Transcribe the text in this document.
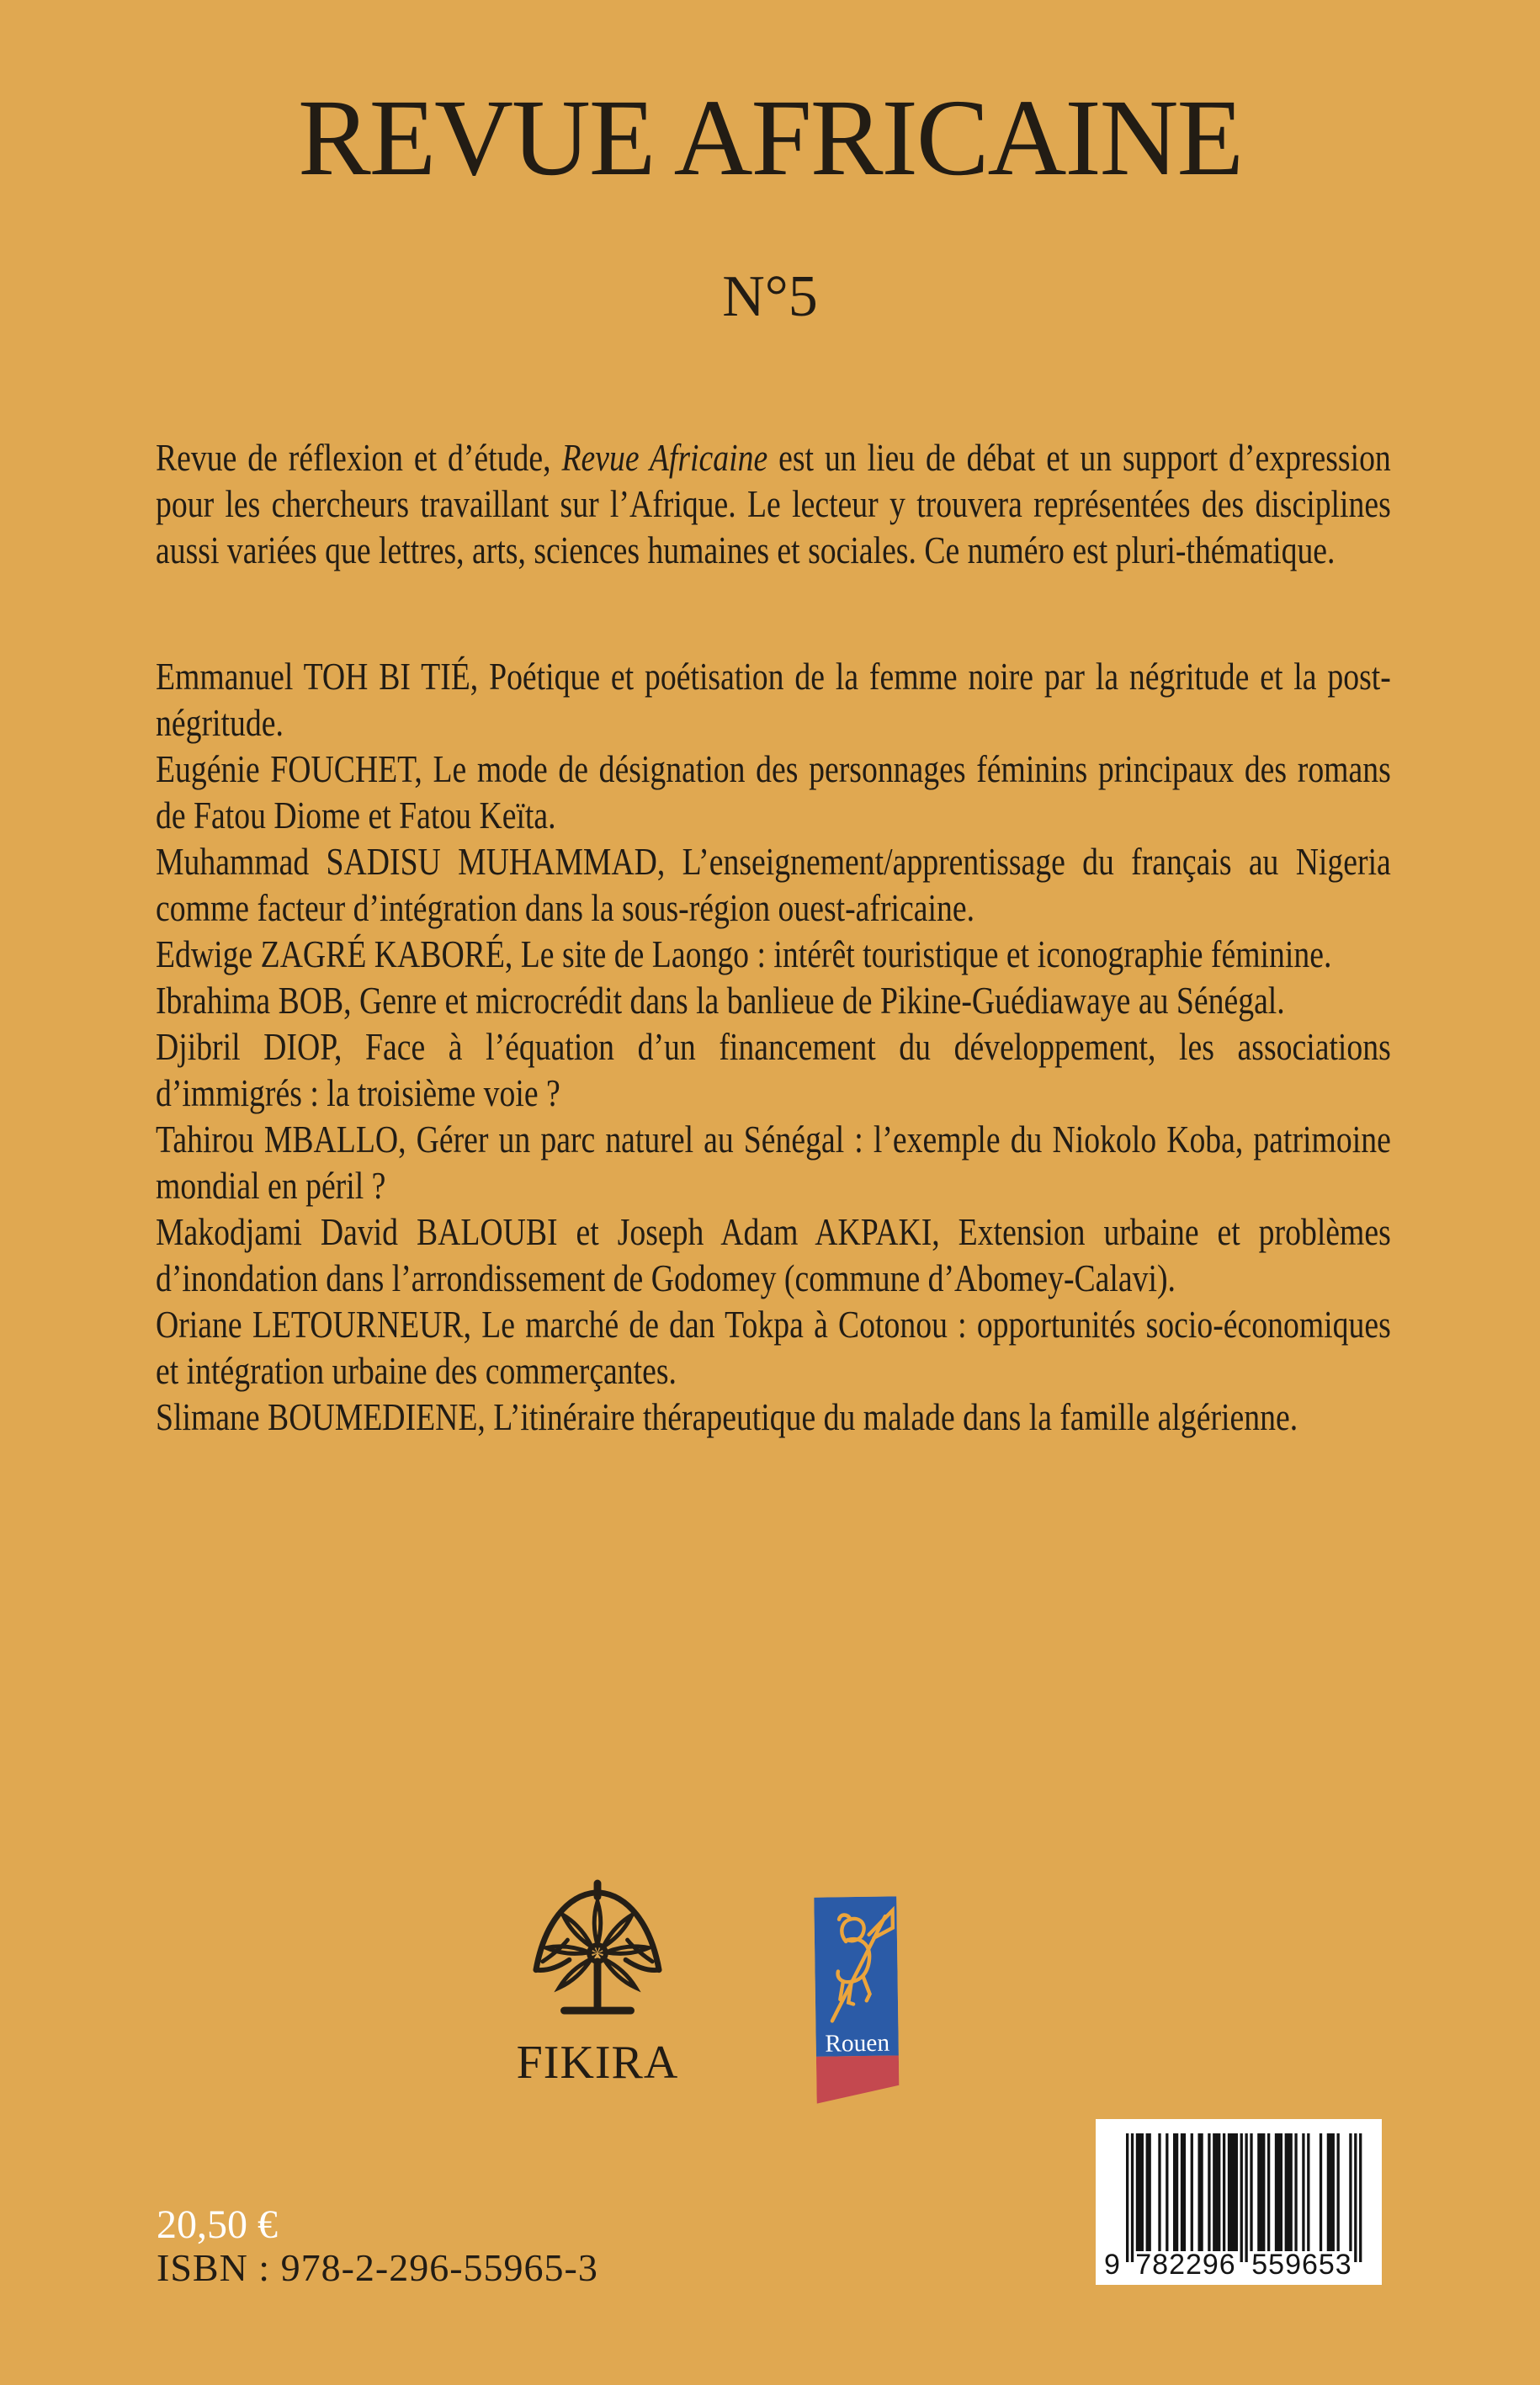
REVUE AFRICAINE
N°5

Revue de réflexion et d’étude, Revue Africaine est un lieu de débat et un support d’expression pour les chercheurs travaillant sur l’Afrique. Le lecteur y trouvera représentées des disciplines aussi variées que lettres, arts, sciences humaines et sociales. Ce numéro est pluri-thématique.

Emmanuel TOH BI TIÉ, Poétique et poétisation de la femme noire par la négritude et la post-négritude.

Eugénie FOUCHET, Le mode de désignation des personnages féminins principaux des romans de Fatou Diome et Fatou Keïta.

Muhammad SADISU MUHAMMAD, L’enseignement/apprentissage du français au Nigeria comme facteur d’intégration dans la sous-région ouest-africaine.

Edwige ZAGRÉ KABORÉ, Le site de Laongo : intérêt touristique et iconographie féminine.

Ibrahima BOB, Genre et microcrédit dans la banlieue de Pikine-Guédiawaye au Sénégal.

Djibril DIOP, Face à l’équation d’un financement du développement, les associations d’immigrés : la troisième voie ?

Tahirou MBALLO, Gérer un parc naturel au Sénégal : l’exemple du Niokolo Koba, patrimoine mondial en péril ?

Makodjami David BALOUBI et Joseph Adam AKPAKI, Extension urbaine et problèmes d’inondation dans l’arrondissement de Godomey (commune d’Abomey-Calavi).

Oriane LETOURNEUR, Le marché de dan Tokpa à Cotonou : opportunités socio-économiques et intégration urbaine des commerçantes.

Slimane BOUMEDIENE, L’itinéraire thérapeutique du malade dans la famille algérienne.

FIKIRA	Rouen
20,50 €
ISBN : 978-2-296-55965-3	9 782296 559653
